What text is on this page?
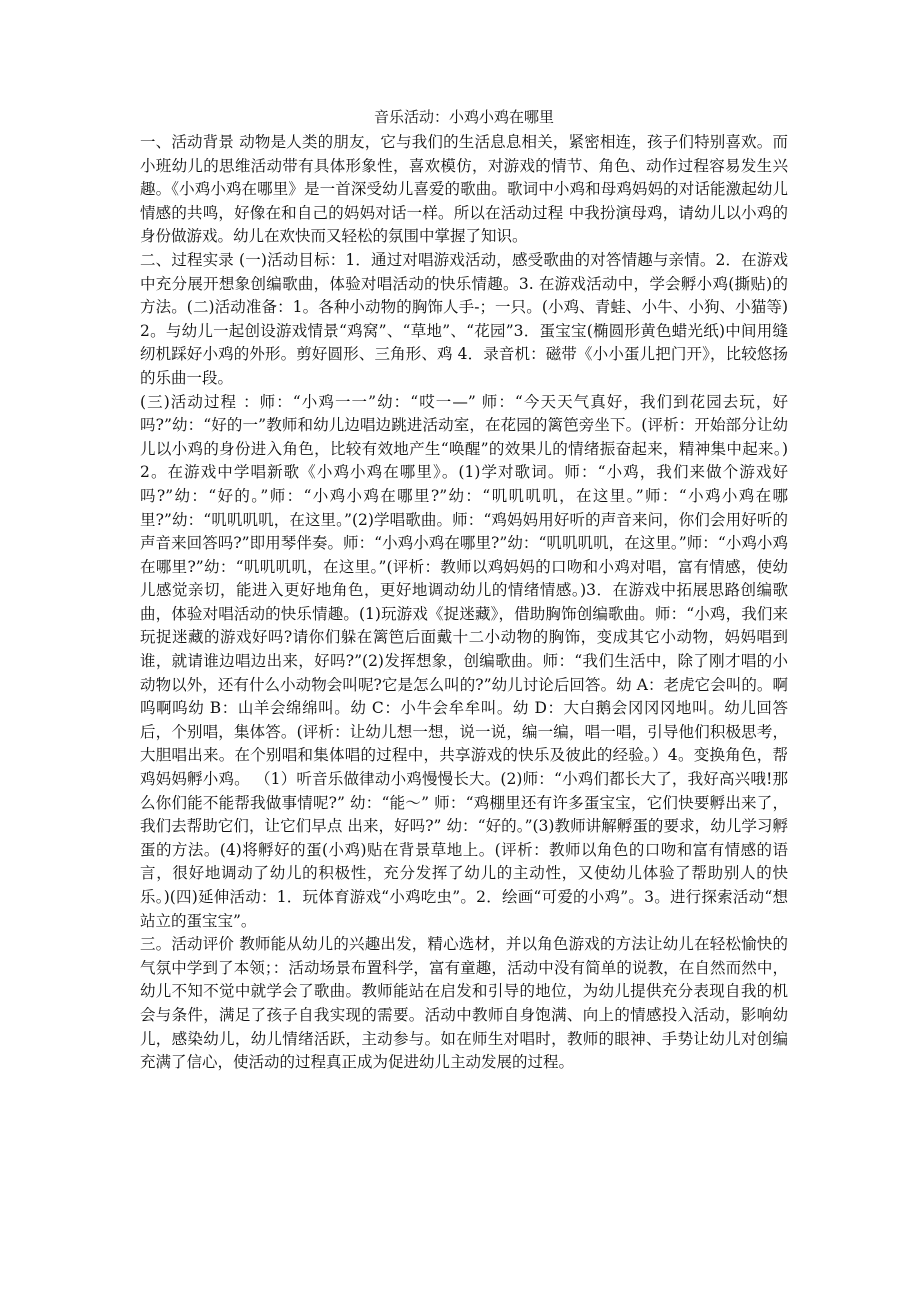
音乐活动：小鸡小鸡在哪里

一、活动背景 动物是人类的朋友，它与我们的生活息息相关，紧密相连，孩子们特别喜欢。而小班幼儿的思维活动带有具体形象性，喜欢模仿，对游戏的情节、角色、动作过程容易发生兴趣。《小鸡小鸡在哪里》是一首深受幼儿喜爱的歌曲。歌词中小鸡和母鸡妈妈的对话能激起幼儿情感的共鸣，好像在和自己的妈妈对话一样。所以在活动过程 中我扮演母鸡，请幼儿以小鸡的身份做游戏。幼儿在欢快而又轻松的氛围中掌握了知识。

二、过程实录 (一)活动目标：1．通过对唱游戏活动，感受歌曲的对答情趣与亲情。2．在游戏中充分展开想象创编歌曲，体验对唱活动的快乐情趣。3. 在游戏活动中，学会孵小鸡(撕贴)的方法。(二)活动准备：1。各种小动物的胸饰人手-；一只。(小鸡、青蛙、小牛、小狗、小猫等)2。与幼儿一起创设游戏情景“鸡窝”、“草地”、“花园”3．蛋宝宝(椭圆形黄色蜡光纸)中间用缝纫机踩好小鸡的外形。剪好圆形、三角形、鸡 4．录音机：磁带《小小蛋儿把门开》，比较悠扬的乐曲一段。

(三)活动过程 ：师：“小鸡一一”幼：“哎一—” 师：“今天天气真好，我们到花园去玩，好吗?”幼：“好的一”教师和幼儿边唱边跳进活动室，在花园的篱笆旁坐下。(评析：开始部分让幼儿以小鸡的身份进入角色，比较有效地产生“唤醒”的效果儿的情绪振奋起来，精神集中起来。)2。在游戏中学唱新歌《小鸡小鸡在哪里》。(1)学对歌词。师：“小鸡，我们来做个游戏好吗?”幼：“好的。”师：“小鸡小鸡在哪里?”幼：“叽叽叽叽，在这里。”师：“小鸡小鸡在哪里?”幼：“叽叽叽叽，在这里。”(2)学唱歌曲。师：“鸡妈妈用好听的声音来问，你们会用好听的声音来回答吗?”即用琴伴奏。师：“小鸡小鸡在哪里?”幼：“叽叽叽叽，在这里。”师：“小鸡小鸡在哪里?”幼：“叽叽叽叽，在这里。”(评析：教师以鸡妈妈的口吻和小鸡对唱，富有情感，使幼儿感觉亲切，能进入更好地角色，更好地调动幼儿的情绪情感。)3．在游戏中拓展思路创编歌曲，体验对唱活动的快乐情趣。(1)玩游戏《捉迷藏》，借助胸饰创编歌曲。师：“小鸡，我们来玩捉迷藏的游戏好吗?请你们躲在篱笆后面戴十二小动物的胸饰，变成其它小动物，妈妈唱到谁，就请谁边唱边出来，好吗?”(2)发挥想象，创编歌曲。师：“我们生活中，除了刚才唱的小动物以外，还有什么小动物会叫呢?它是怎么叫的?”幼儿讨论后回答。幼 A：老虎它会叫的。啊呜啊呜幼 B：山羊会绵绵叫。幼 C：小牛会牟牟叫。幼 D：大白鹅会冈冈冈地叫。幼儿回答后，个别唱，集体答。(评析：让幼儿想一想，说一说，编一编，唱一唱，引导他们积极思考，大胆唱出来。在个别唱和集体唱的过程中，共享游戏的快乐及彼此的经验。）4。变换角色，帮鸡妈妈孵小鸡。 （1）听音乐做律动小鸡慢慢长大。(2)师：“小鸡们都长大了，我好高兴哦!那么你们能不能帮我做事情呢?” 幼：“能～” 师：“鸡棚里还有许多蛋宝宝，它们快要孵出来了，我们去帮助它们，让它们早点 出来，好吗?” 幼：“好的。”(3)教师讲解孵蛋的要求，幼儿学习孵蛋的方法。(4)将孵好的蛋(小鸡)贴在背景草地上。(评析：教师以角色的口吻和富有情感的语言，很好地调动了幼儿的积极性，充分发挥了幼儿的主动性，又使幼儿体验了帮助别人的快乐。)(四)延伸活动：1．玩体育游戏“小鸡吃虫”。2．绘画“可爱的小鸡”。3。进行探索活动“想站立的蛋宝宝”。

三。活动评价 教师能从幼儿的兴趣出发，精心选材，并以角色游戏的方法让幼儿在轻松愉快的气氛中学到了本领；：活动场景布置科学，富有童趣，活动中没有简单的说教，在自然而然中，幼儿不知不觉中就学会了歌曲。教师能站在启发和引导的地位，为幼儿提供充分表现自我的机会与条件，满足了孩子自我实现的需要。活动中教师自身饱满、向上的情感投入活动，影响幼儿，感染幼儿，幼儿情绪活跃，主动参与。如在师生对唱时，教师的眼神、手势让幼儿对创编充满了信心，使活动的过程真正成为促进幼儿主动发展的过程。
